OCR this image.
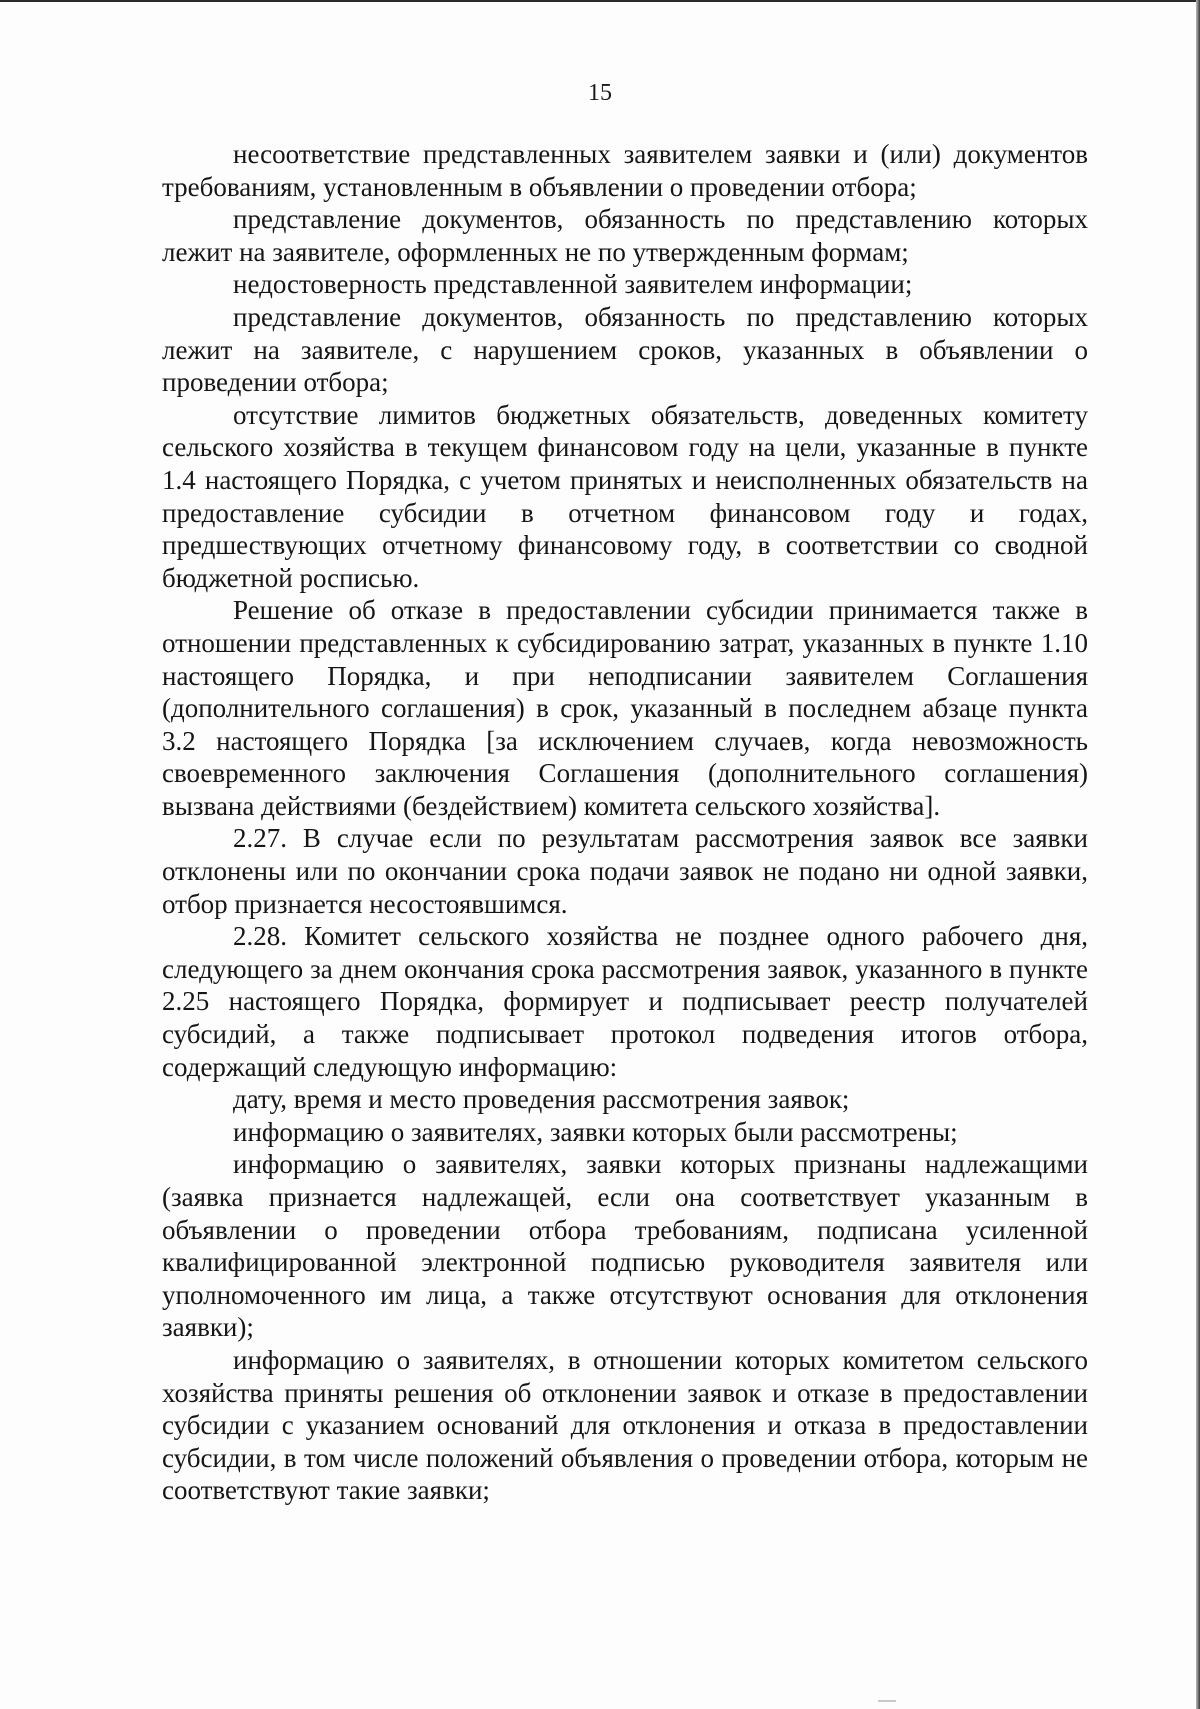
15

несоответствие представленных заявителем заявки и (или) документов требованиям, установленным в объявлении о проведении отбора;

представление документов, обязанность по представлению которых лежит на заявителе, оформленных не по утвержденным формам;

недостоверность представленной заявителем информации;

представление документов, обязанность по представлению которых лежит на заявителе, с нарушением сроков, указанных в объявлении о проведении отбора;

отсутствие лимитов бюджетных обязательств, доведенных комитету сельского хозяйства в текущем финансовом году на цели, указанные в пункте 1.4 настоящего Порядка, с учетом принятых и неисполненных обязательств на предоставление субсидии в отчетном финансовом году и годах, предшествующих отчетному финансовому году, в соответствии со сводной бюджетной росписью.

Решение об отказе в предоставлении субсидии принимается также в отношении представленных к субсидированию затрат, указанных в пункте 1.10 настоящего Порядка, и при неподписании заявителем Соглашения (дополнительного соглашения) в срок, указанный в последнем абзаце пункта 3.2 настоящего Порядка [за исключением случаев, когда невозможность своевременного заключения Соглашения (дополнительного соглашения) вызвана действиями (бездействием) комитета сельского хозяйства].

2.27. В случае если по результатам рассмотрения заявок все заявки отклонены или по окончании срока подачи заявок не подано ни одной заявки, отбор признается несостоявшимся.

2.28. Комитет сельского хозяйства не позднее одного рабочего дня, следующего за днем окончания срока рассмотрения заявок, указанного в пункте 2.25 настоящего Порядка, формирует и подписывает реестр получателей субсидий, а также подписывает протокол подведения итогов отбора, содержащий следующую информацию:

дату, время и место проведения рассмотрения заявок;

информацию о заявителях, заявки которых были рассмотрены;

информацию о заявителях, заявки которых признаны надлежащими (заявка признается надлежащей, если она соответствует указанным в объявлении о проведении отбора требованиям, подписана усиленной квалифицированной электронной подписью руководителя заявителя или уполномоченного им лица, а также отсутствуют основания для отклонения заявки);

информацию о заявителях, в отношении которых комитетом сельского хозяйства приняты решения об отклонении заявок и отказе в предоставлении субсидии с указанием оснований для отклонения и отказа в предоставлении субсидии, в том числе положений объявления о проведении отбора, которым не соответствуют такие заявки;
